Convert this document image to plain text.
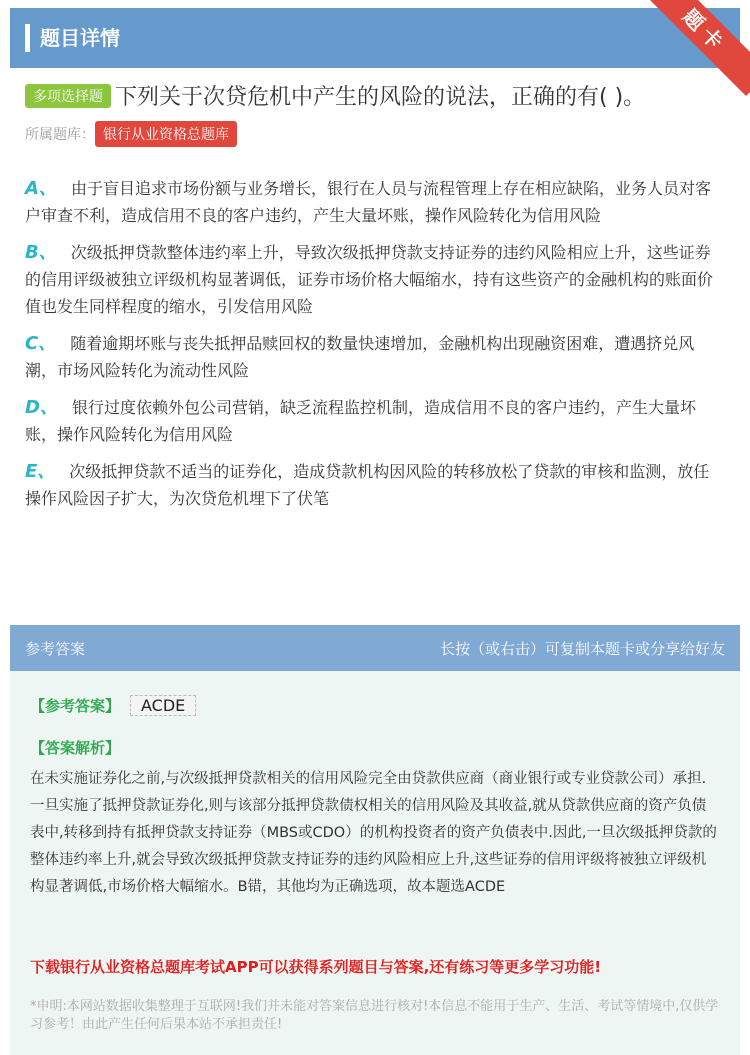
题目详情	题卡
多项选择题 下列关于次贷危机中产生的风险的说法，正确的有( )。
所属题库： 银行从业资格总题库
A、 由于盲目追求市场份额与业务增长，银行在人员与流程管理上存在相应缺陷，业务人员对客户审查不利，造成信用不良的客户违约，产生大量坏账，操作风险转化为信用风险
B、 次级抵押贷款整体违约率上升，导致次级抵押贷款支持证券的违约风险相应上升，这些证券的信用评级被独立评级机构显著调低，证券市场价格大幅缩水，持有这些资产的金融机构的账面价值也发生同样程度的缩水，引发信用风险
C、 随着逾期坏账与丧失抵押品赎回权的数量快速增加，金融机构出现融资困难，遭遇挤兑风潮，市场风险转化为流动性风险
D、 银行过度依赖外包公司营销，缺乏流程监控机制，造成信用不良的客户违约，产生大量坏账，操作风险转化为信用风险
E、 次级抵押贷款不适当的证券化，造成贷款机构因风险的转移放松了贷款的审核和监测，放任操作风险因子扩大，为次贷危机埋下了伏笔
参考答案	长按（或右击）可复制本题卡或分享给好友
【参考答案】 ACDE
【答案解析】
在未实施证券化之前,与次级抵押贷款相关的信用风险完全由贷款供应商（商业银行或专业贷款公司）承担.一旦实施了抵押贷款证券化,则与该部分抵押贷款债权相关的信用风险及其收益,就从贷款供应商的资产负债表中,转移到持有抵押贷款支持证券（MBS或CDO）的机构投资者的资产负债表中.因此,一旦次级抵押贷款的整体违约率上升,就会导致次级抵押贷款支持证券的违约风险相应上升,这些证券的信用评级将被独立评级机构显著调低,市场价格大幅缩水。B错，其他均为正确选项，故本题选ACDE
下载银行从业资格总题库考试APP可以获得系列题目与答案,还有练习等更多学习功能!
*申明:本网站数据收集整理于互联网!我们并未能对答案信息进行核对!本信息不能用于生产、生活、考试等情境中,仅供学习参考！由此产生任何后果本站不承担责任!
